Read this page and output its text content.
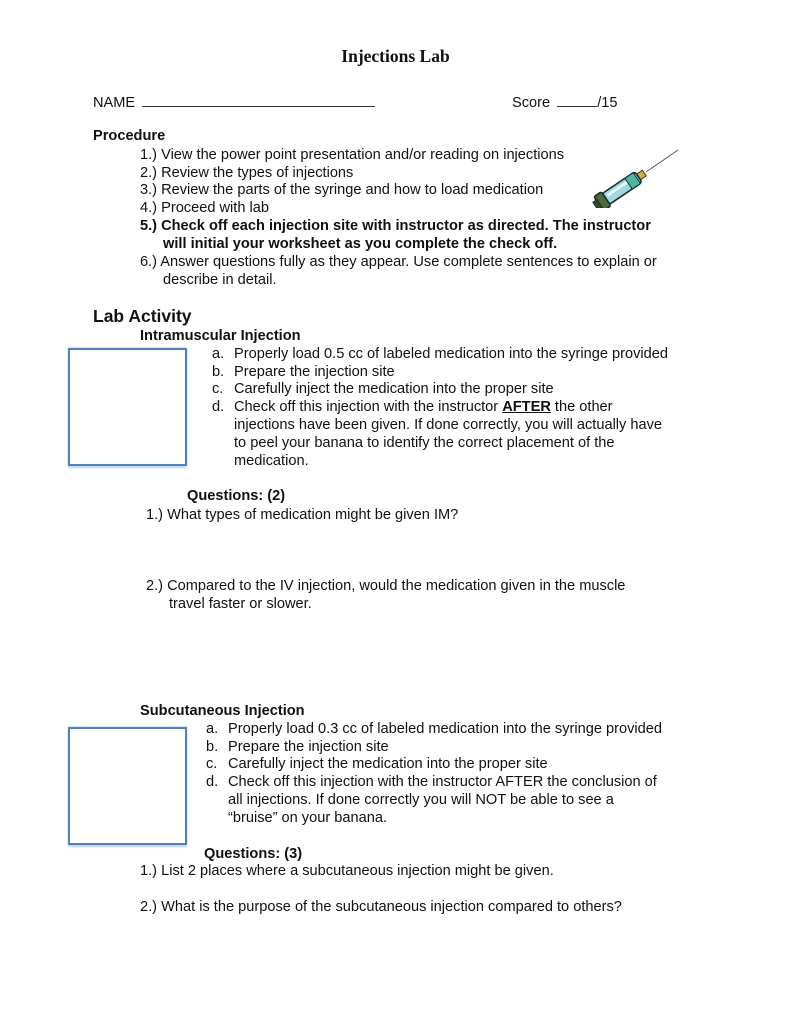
Injections Lab
NAME	Score	/15
Procedure
1.) View the power point presentation and/or reading on injections
2.) Review the types of injections
3.) Review the parts of the syringe and how to load medication
4.) Proceed with lab
5.) Check off each injection site with instructor as directed. The instructor
will initial your worksheet as you complete the check off.
6.) Answer questions fully as they appear. Use complete sentences to explain or
describe in detail.
Lab Activity
Intramuscular Injection
a. Properly load 0.5 cc of labeled medication into the syringe provided
b. Prepare the injection site
c. Carefully inject the medication into the proper site
d. Check off this injection with the instructor AFTER the other
injections have been given. If done correctly, you will actually have
to peel your banana to identify the correct placement of the
medication.
Questions: (2)
1.) What types of medication might be given IM?
2.) Compared to the IV injection, would the medication given in the muscle
travel faster or slower.
Subcutaneous Injection
a. Properly load 0.3 cc of labeled medication into the syringe provided
b. Prepare the injection site
c. Carefully inject the medication into the proper site
d. Check off this injection with the instructor AFTER the conclusion of
all injections. If done correctly you will NOT be able to see a
“bruise” on your banana.
Questions: (3)
1.) List 2 places where a subcutaneous injection might be given.
2.) What is the purpose of the subcutaneous injection compared to others?
